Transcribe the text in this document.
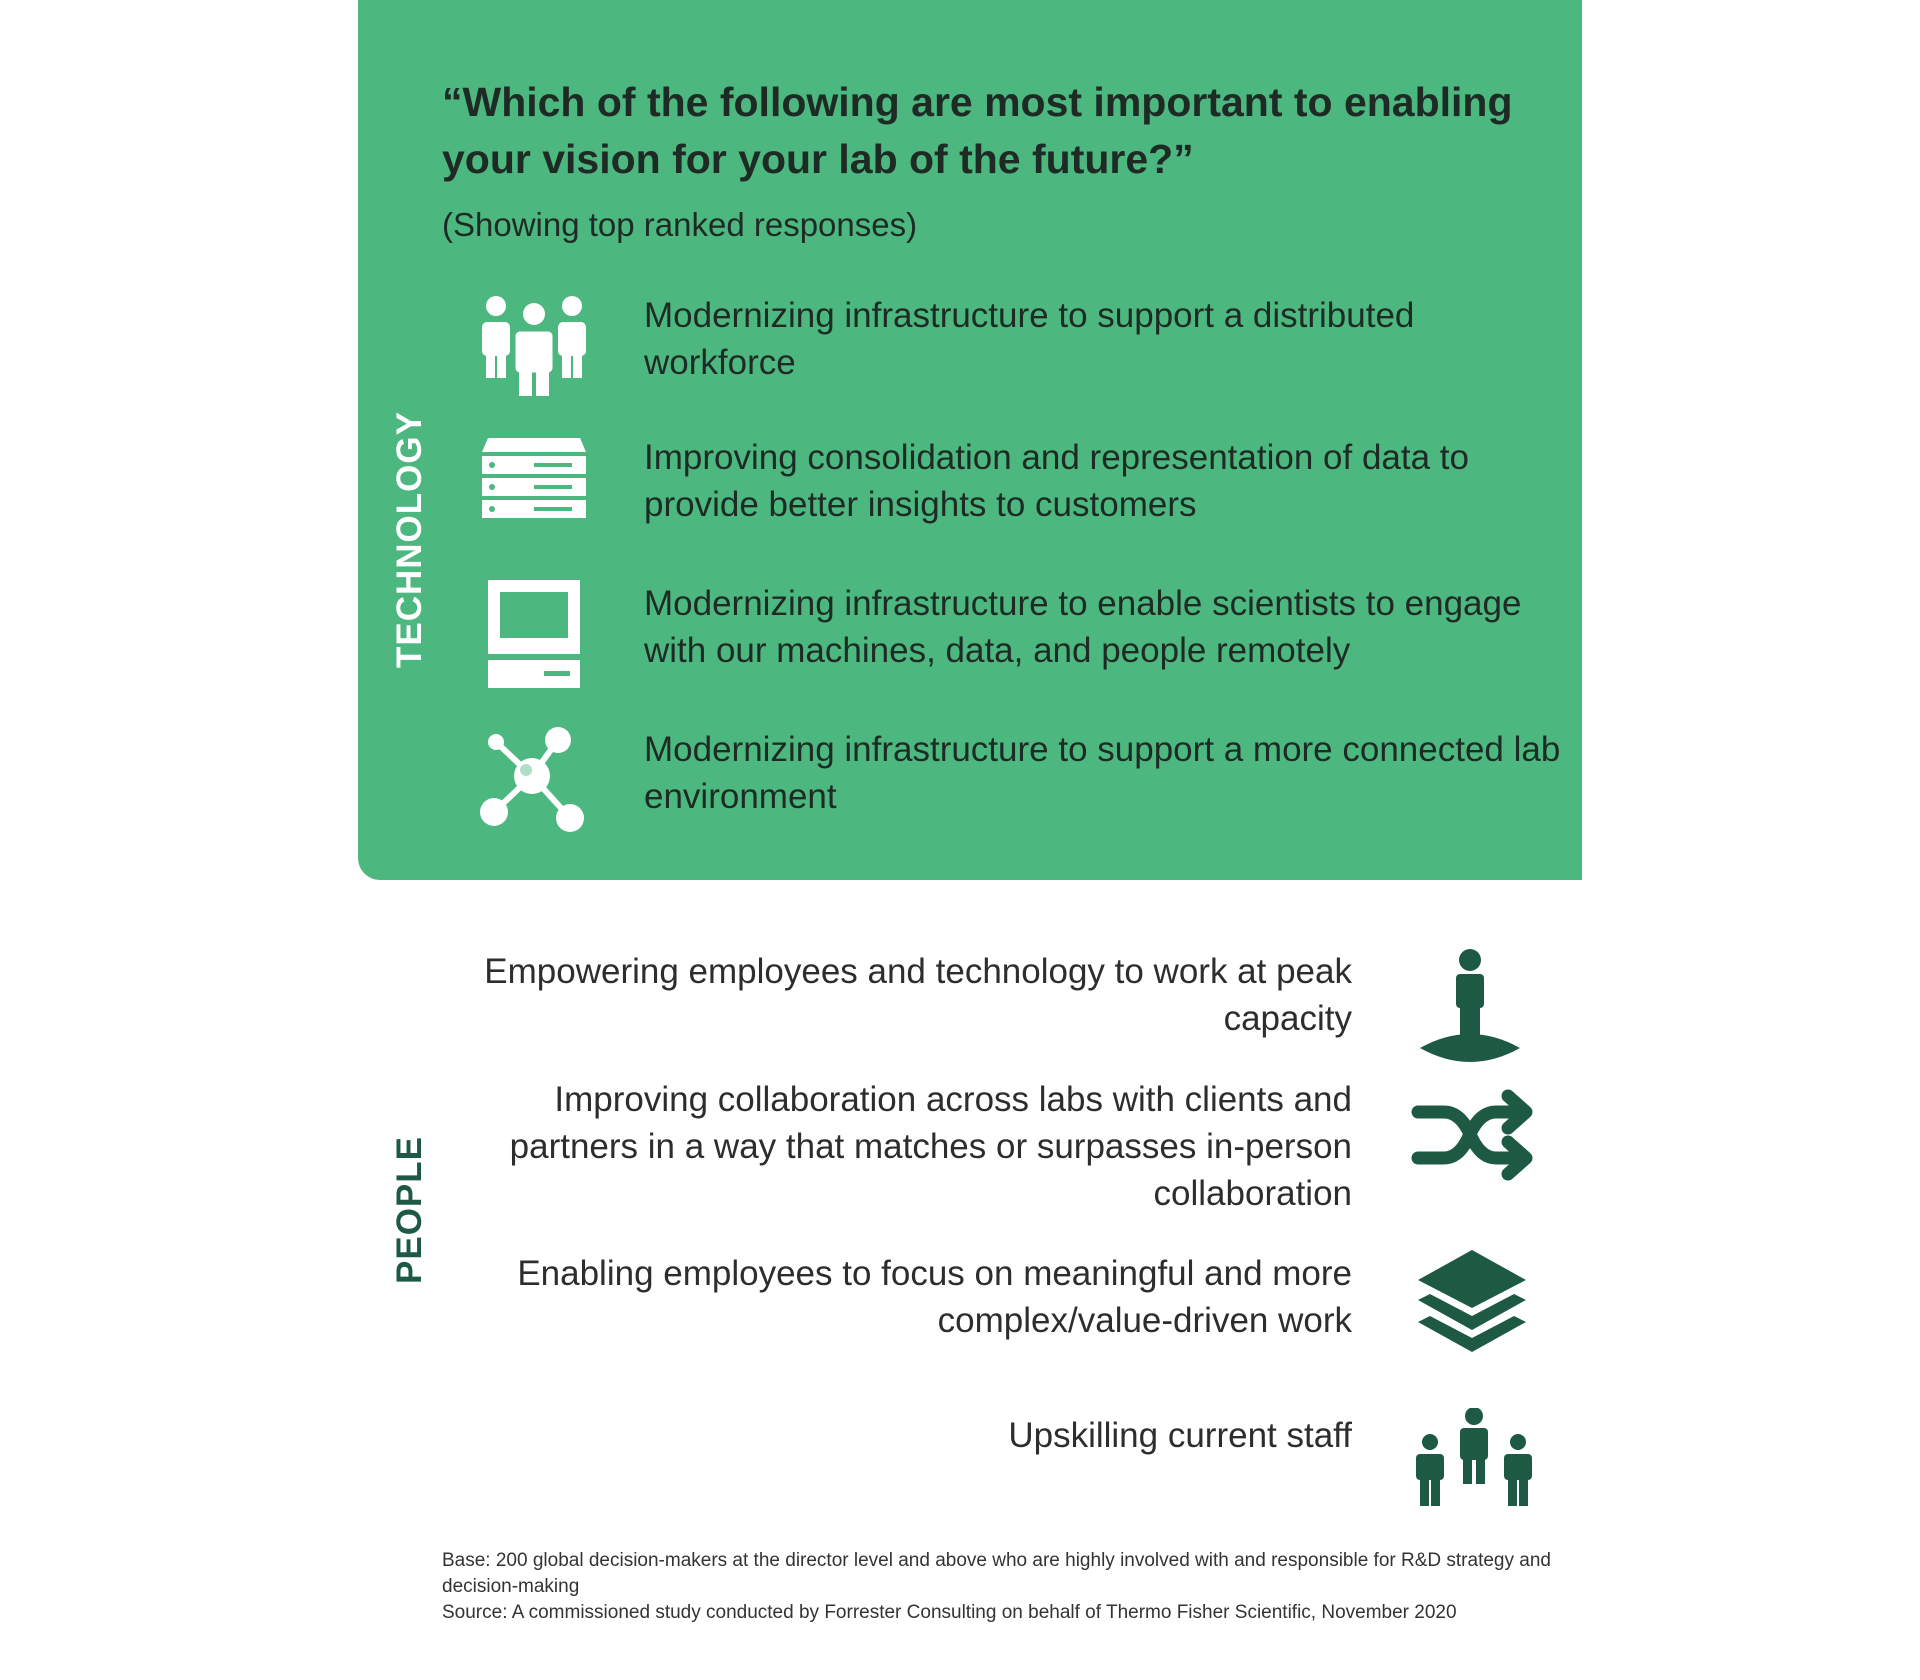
“Which of the following are most important to enabling your vision for your lab of the future?”
(Showing top ranked responses)
TECHNOLOGY
Modernizing infrastructure to support a distributed workforce
Improving consolidation and representation of data to provide better insights to customers
Modernizing infrastructure to enable scientists to engage with our machines, data, and people remotely
Modernizing infrastructure to support a more connected lab environment
PEOPLE
Empowering employees and technology to work at peak capacity
Improving collaboration across labs with clients and partners in a way that matches or surpasses in-person collaboration
Enabling employees to focus on meaningful and more complex/value-driven work
Upskilling current staff
Base: 200 global decision-makers at the director level and above who are highly involved with and responsible for R&D strategy and decision-making
Source: A commissioned study conducted by Forrester Consulting on behalf of Thermo Fisher Scientific, November 2020
